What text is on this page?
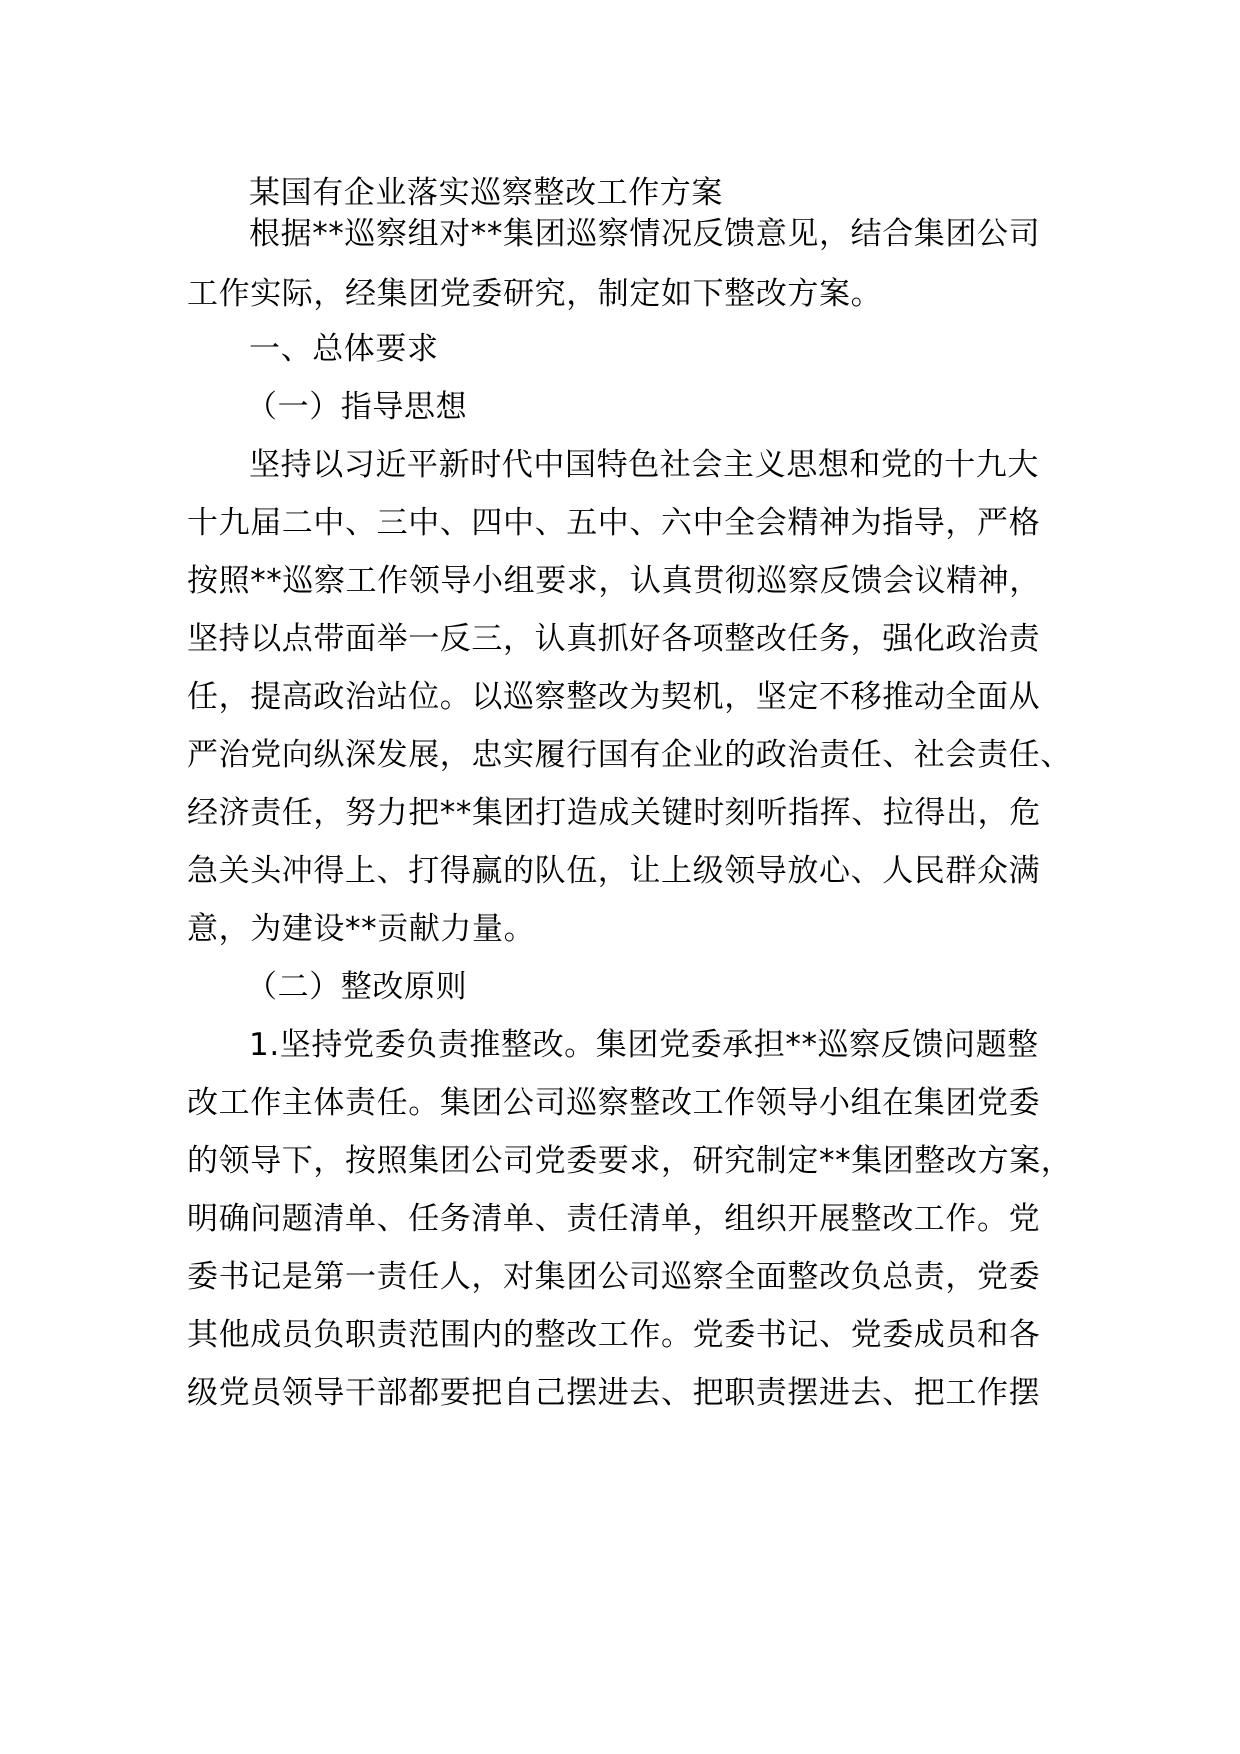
某国有企业落实巡察整改工作方案
根据**巡察组对**集团巡察情况反馈意见，结合集团公司
工作实际，经集团党委研究，制定如下整改方案。
一、总体要求
（一）指导思想
坚持以习近平新时代中国特色社会主义思想和党的十九大
十九届二中、三中、四中、五中、六中全会精神为指导，严格
按照**巡察工作领导小组要求，认真贯彻巡察反馈会议精神，
坚持以点带面举一反三，认真抓好各项整改任务，强化政治责
任，提高政治站位。以巡察整改为契机，坚定不移推动全面从
严治党向纵深发展，忠实履行国有企业的政治责任、社会责任、
经济责任，努力把**集团打造成关键时刻听指挥、拉得出，危
急关头冲得上、打得赢的队伍，让上级领导放心、人民群众满
意，为建设**贡献力量。
（二）整改原则
1.坚持党委负责推整改。集团党委承担**巡察反馈问题整
改工作主体责任。集团公司巡察整改工作领导小组在集团党委
的领导下，按照集团公司党委要求，研究制定**集团整改方案，
明确问题清单、任务清单、责任清单，组织开展整改工作。党
委书记是第一责任人，对集团公司巡察全面整改负总责，党委
其他成员负职责范围内的整改工作。党委书记、党委成员和各
级党员领导干部都要把自己摆进去、把职责摆进去、把工作摆
